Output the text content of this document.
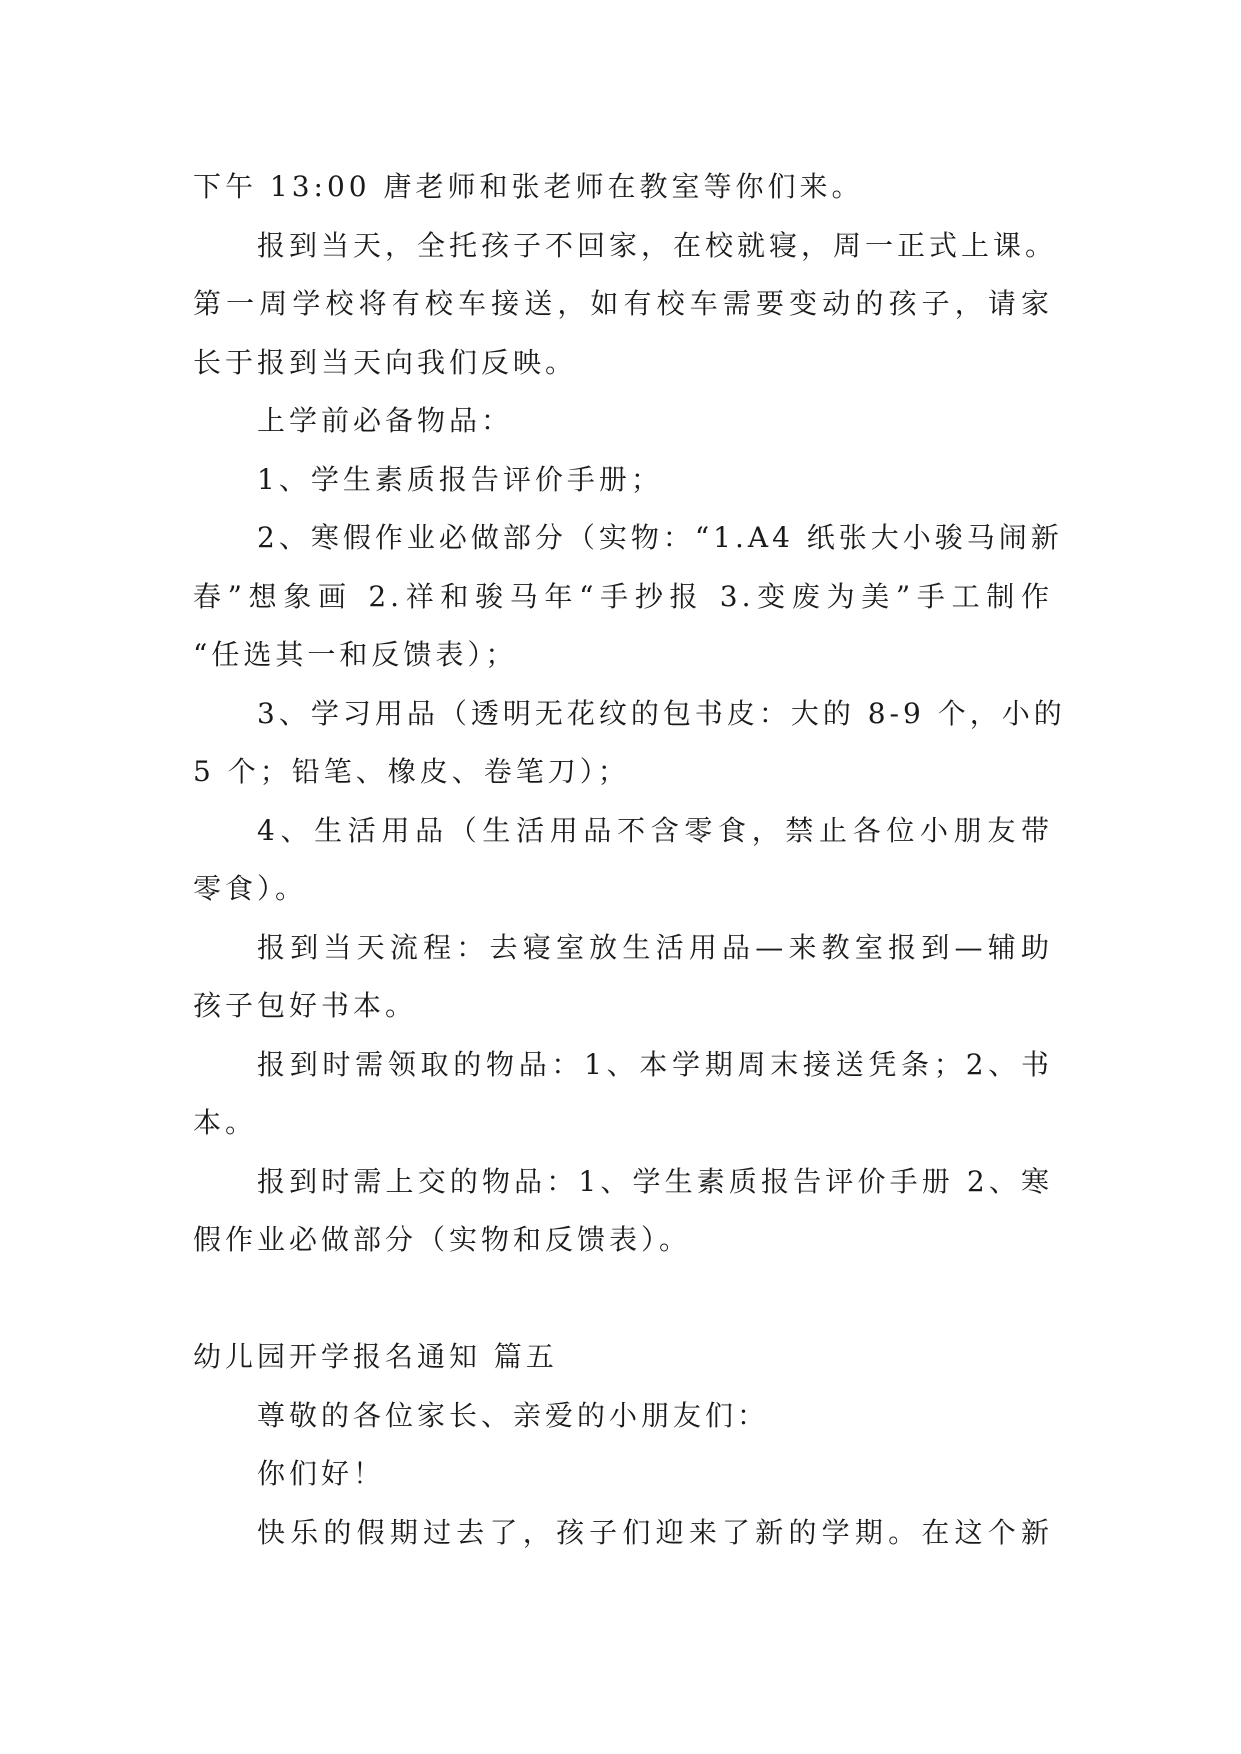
下午 13:00 唐老师和张老师在教室等你们来。
报到当天，全托孩子不回家，在校就寝，周一正式上课。
第一周学校将有校车接送，如有校车需要变动的孩子，请家
长于报到当天向我们反映。
上学前必备物品：
1、学生素质报告评价手册；
2、寒假作业必做部分（实物：“1.A4 纸张大小骏马闹新
春”想象画 2.祥和骏马年“手抄报 3.变废为美”手工制作
“任选其一和反馈表）；
3、学习用品（透明无花纹的包书皮：大的 8-9 个，小的
5 个；铅笔、橡皮、卷笔刀）；
4、生活用品（生活用品不含零食，禁止各位小朋友带
零食）。
报到当天流程：去寝室放生活用品—来教室报到—辅助
孩子包好书本。
报到时需领取的物品：1、本学期周末接送凭条；2、书
本。
报到时需上交的物品：1、学生素质报告评价手册 2、寒
假作业必做部分（实物和反馈表）。
幼儿园开学报名通知 篇五
尊敬的各位家长、亲爱的小朋友们：
你们好！
快乐的假期过去了，孩子们迎来了新的学期。在这个新
